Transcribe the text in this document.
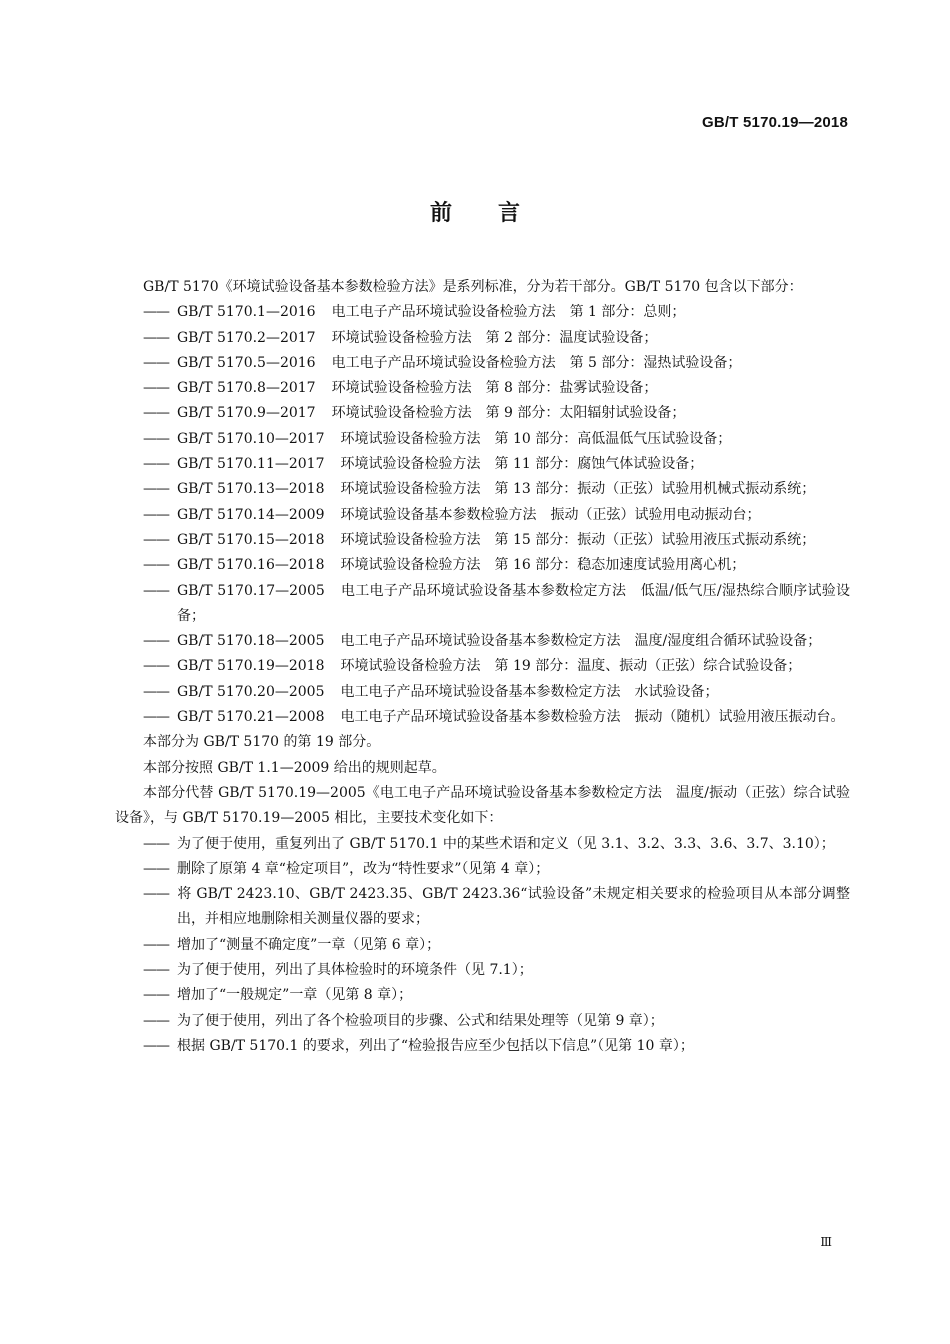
GB/T 5170.19—2018
前言

GB/T 5170《环境试验设备基本参数检验方法》是系列标准，分为若干部分。GB/T 5170 包含以下部分：

—— GB/T 5170.1—2016 电工电子产品环境试验设备检验方法　第 1 部分：总则；

—— GB/T 5170.2—2017 环境试验设备检验方法　第 2 部分：温度试验设备；

—— GB/T 5170.5—2016 电工电子产品环境试验设备检验方法　第 5 部分：湿热试验设备；

—— GB/T 5170.8—2017 环境试验设备检验方法　第 8 部分：盐雾试验设备；

—— GB/T 5170.9—2017 环境试验设备检验方法　第 9 部分：太阳辐射试验设备；

—— GB/T 5170.10—2017 环境试验设备检验方法　第 10 部分：高低温低气压试验设备；

—— GB/T 5170.11—2017 环境试验设备检验方法　第 11 部分：腐蚀气体试验设备；

—— GB/T 5170.13—2018 环境试验设备检验方法　第 13 部分：振动（正弦）试验用机械式振动系统；

—— GB/T 5170.14—2009 环境试验设备基本参数检验方法　振动（正弦）试验用电动振动台；

—— GB/T 5170.15—2018 环境试验设备检验方法　第 15 部分：振动（正弦）试验用液压式振动系统；

—— GB/T 5170.16—2018 环境试验设备检验方法　第 16 部分：稳态加速度试验用离心机；

—— GB/T 5170.17—2005 电工电子产品环境试验设备基本参数检定方法　低温/低气压/湿热综合顺序试验设备；

—— GB/T 5170.18—2005 电工电子产品环境试验设备基本参数检定方法　温度/湿度组合循环试验设备；

—— GB/T 5170.19—2018 环境试验设备检验方法　第 19 部分：温度、振动（正弦）综合试验设备；

—— GB/T 5170.20—2005 电工电子产品环境试验设备基本参数检定方法　水试验设备；

—— GB/T 5170.21—2008 电工电子产品环境试验设备基本参数检验方法　振动（随机）试验用液压振动台。

本部分为 GB/T 5170 的第 19 部分。

本部分按照 GB/T 1.1—2009 给出的规则起草。

本部分代替 GB/T 5170.19—2005《电工电子产品环境试验设备基本参数检定方法　温度/振动（正弦）综合试验设备》，与 GB/T 5170.19—2005 相比，主要技术变化如下：

—— 为了便于使用，重复列出了 GB/T 5170.1 中的某些术语和定义（见 3.1、3.2、3.3、3.6、3.7、3.10）；

—— 删除了原第 4 章“检定项目”，改为“特性要求”（见第 4 章）；

—— 将 GB/T 2423.10、GB/T 2423.35、GB/T 2423.36“试验设备”未规定相关要求的检验项目从本部分调整出，并相应地删除相关测量仪器的要求；

—— 增加了“测量不确定度”一章（见第 6 章）；

—— 为了便于使用，列出了具体检验时的环境条件（见 7.1）；

—— 增加了“一般规定”一章（见第 8 章）；

—— 为了便于使用，列出了各个检验项目的步骤、公式和结果处理等（见第 9 章）；

—— 根据 GB/T 5170.1 的要求，列出了“检验报告应至少包括以下信息”（见第 10 章）；

Ⅲ
